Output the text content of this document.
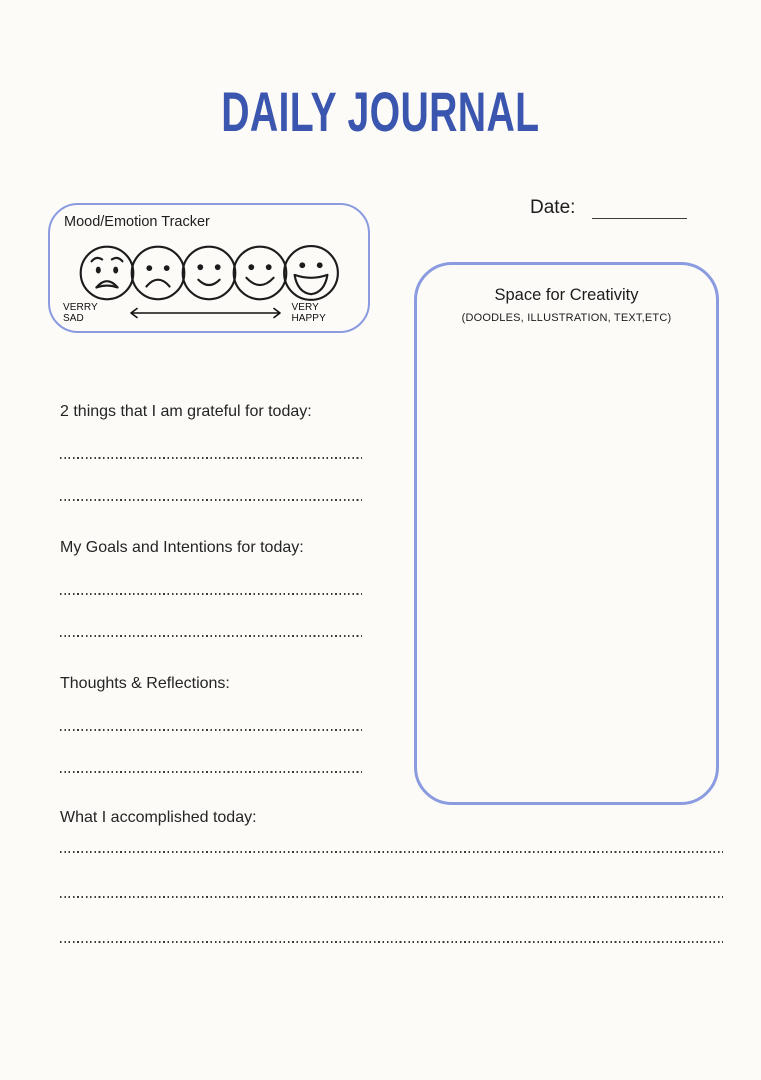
DAILY JOURNAL
Mood/Emotion Tracker
VERRY SAD
VERY HAPPY
Date:
Space for Creativity
(DOODLES, ILLUSTRATION, TEXT,ETC)
2 things that I am grateful for today:
My Goals and Intentions for today:
Thoughts & Reflections:
What I accomplished today:
